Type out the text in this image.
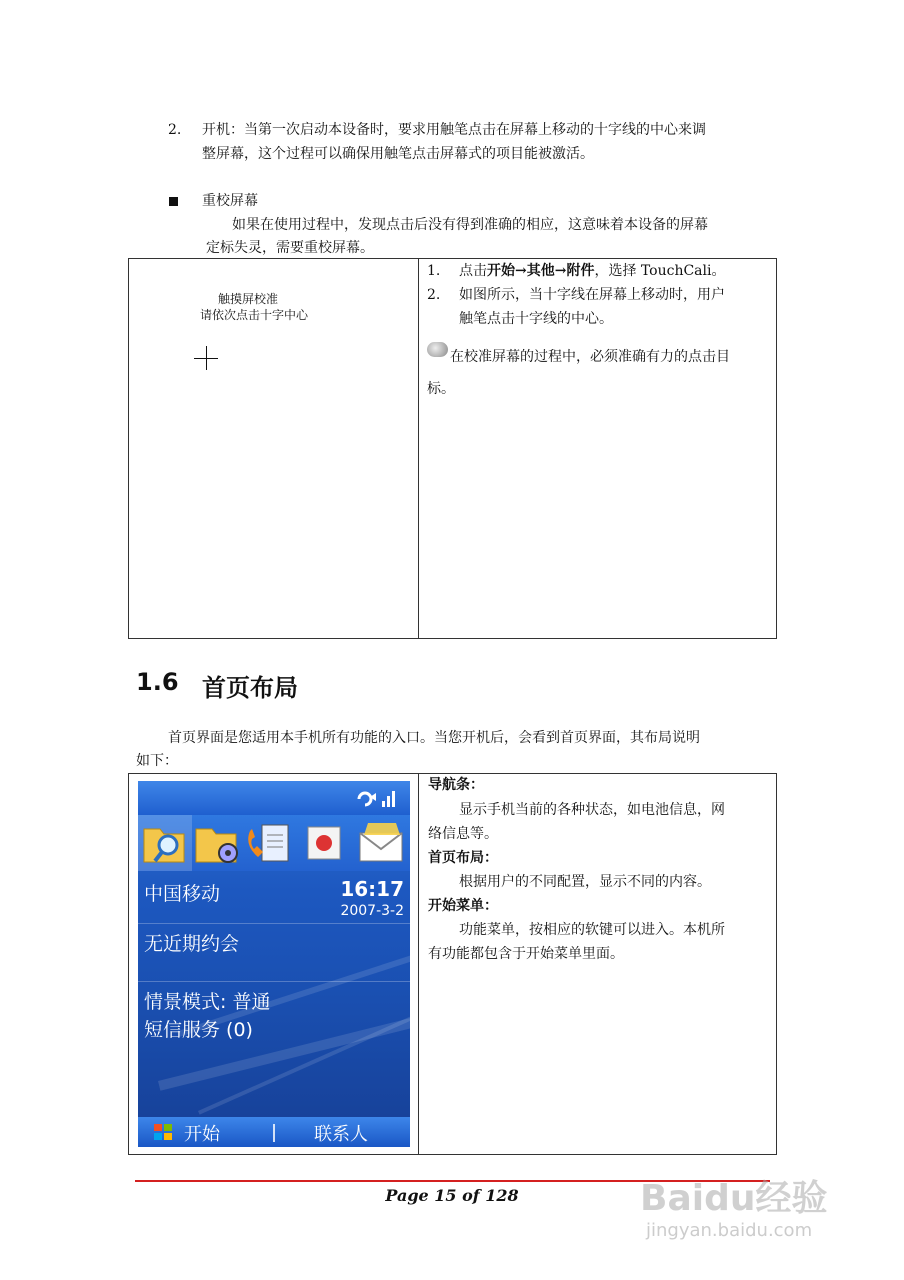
2. 开机：当第一次启动本设备时，要求用触笔点击在屏幕上移动的十字线的中心来调
整屏幕，这个过程可以确保用触笔点击屏幕式的项目能被激活。
重校屏幕
如果在使用过程中，发现点击后没有得到准确的相应，这意味着本设备的屏幕
定标失灵，需要重校屏幕。
触摸屏校准
请依次点击十字中心
1. 点击开始→其他→附件，选择 TouchCali。
2. 如图所示，当十字线在屏幕上移动时，用户
触笔点击十字线的中心。
在校准屏幕的过程中，必须准确有力的点击目
标。
1.6 首页布局
首页界面是您适用本手机所有功能的入口。当您开机后，会看到首页界面，其布局说明
如下：
中国移动	16:17
2007-3-2
无近期约会
情景模式: 普通
短信服务 (0)
开始	联系人
导航条：
显示手机当前的各种状态，如电池信息，网
络信息等。
首页布局：
根据用户的不同配置，显示不同的内容。
开始菜单：
功能菜单，按相应的软键可以进入。本机所
有功能都包含于开始菜单里面。
Page 15 of 128	Baidu经验
jingyan.baidu.com
